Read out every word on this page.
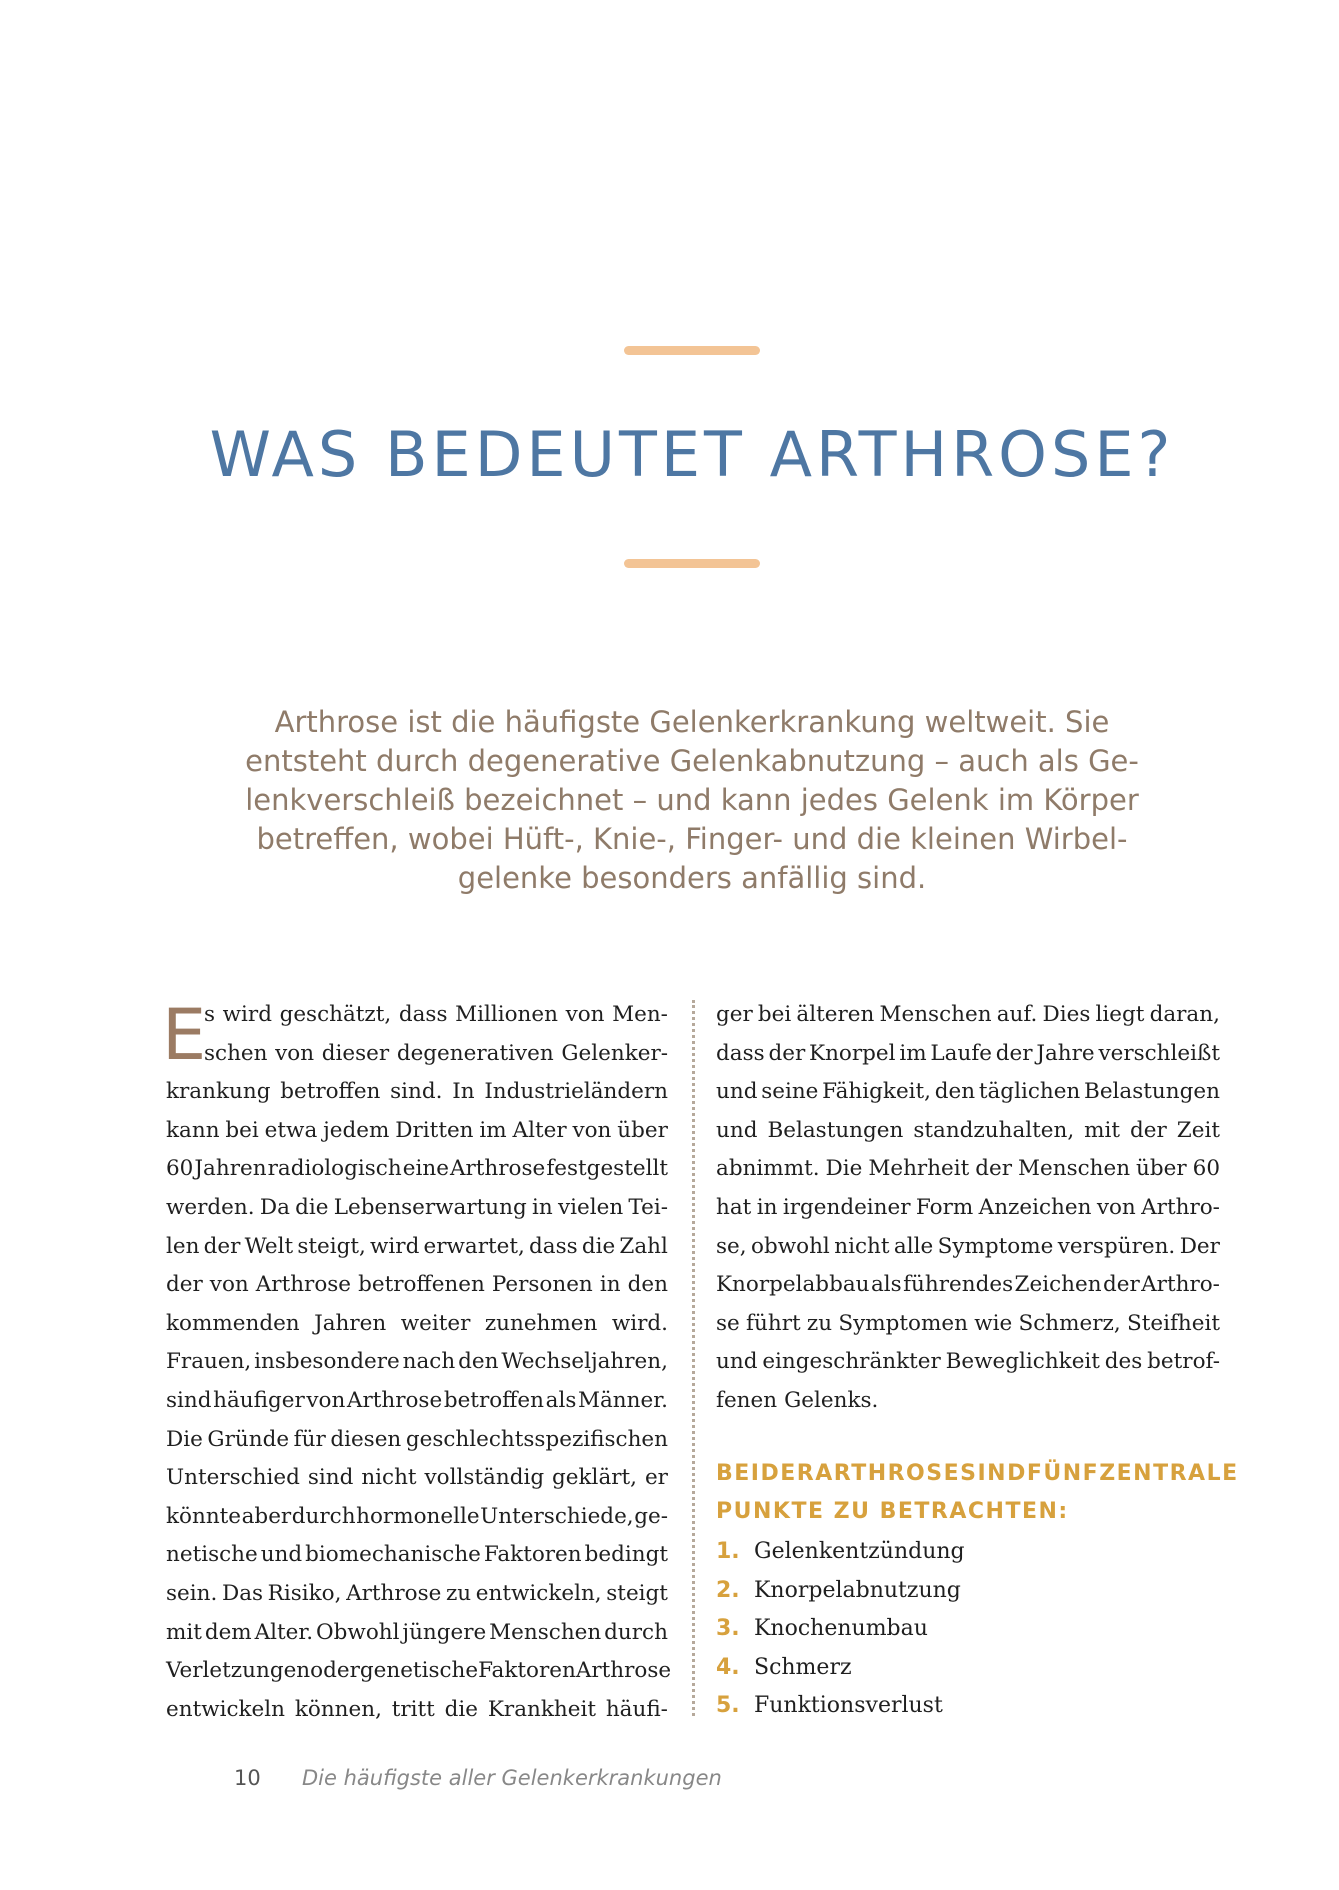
WAS BEDEUTET ARTHROSE?
Arthrose ist die häufigste Gelenkerkrankung weltweit. Sie
entsteht durch degenerative Gelenkabnutzung – auch als Ge-
lenkverschleiß bezeichnet – und kann jedes Gelenk im Körper
betreffen, wobei Hüft-, Knie-, Finger- und die kleinen Wirbel-
gelenke besonders anfällig sind.
E
s wird geschätzt, dass Millionen von Men-
schen von dieser degenerativen Gelenker-
krankung betroffen sind. In Industrieländern
kann bei etwa jedem Dritten im Alter von über
60 Jahren radiologisch eine Arthrose festgestellt
werden. Da die Lebenserwartung in vielen Tei-
len der Welt steigt, wird erwartet, dass die Zahl
der von Arthrose betroffenen Personen in den
kommenden Jahren weiter zunehmen wird.
Frauen, insbesondere nach den Wechseljahren,
sind häufiger von Arthrose betroffen als Männer.
Die Gründe für diesen geschlechtsspezifischen
Unterschied sind nicht vollständig geklärt, er
könnte aber durch hormonelle Unterschiede, ge-
netische und biomechanische Faktoren bedingt
sein. Das Risiko, Arthrose zu entwickeln, steigt
mit dem Alter. Obwohl jüngere Menschen durch
Verletzungen oder genetische Faktoren Arthrose
entwickeln können, tritt die Krankheit häufi-
ger bei älteren Menschen auf. Dies liegt daran,
dass der Knorpel im Laufe der Jahre verschleißt
und seine Fähigkeit, den täglichen Belastungen
und Belastungen standzuhalten, mit der Zeit
abnimmt. Die Mehrheit der Menschen über 60
hat in irgendeiner Form Anzeichen von Arthro-
se, obwohl nicht alle Symptome verspüren. Der
Knorpelabbau als führendes Zeichen der Arthro-
se führt zu Symptomen wie Schmerz, Steifheit
und eingeschränkter Beweglichkeit des betrof-
fenen Gelenks.
BEI DER ARTHROSE SIND FÜNF ZENTRALE
PUNKTE ZU BETRACHTEN:
1. Gelenkentzündung
2. Knorpelabnutzung
3. Knochenumbau
4. Schmerz
5. Funktionsverlust
10 Die häufigste aller Gelenkerkrankungen
